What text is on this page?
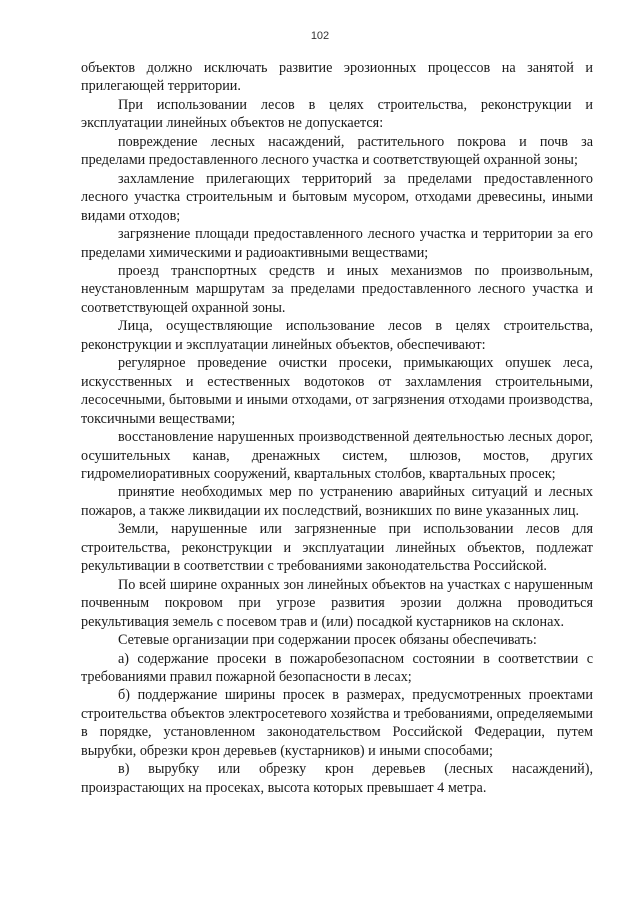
102

объектов должно исключать развитие эрозионных процессов на занятой и прилегающей территории.

При использовании лесов в целях строительства, реконструкции и эксплуатации линейных объектов не допускается:

повреждение лесных насаждений, растительного покрова и почв за пределами предоставленного лесного участка и соответствующей охранной зоны;

захламление прилегающих территорий за пределами предоставленного лесного участка строительным и бытовым мусором, отходами древесины, иными видами отходов;

загрязнение площади предоставленного лесного участка и территории за его пределами химическими и радиоактивными веществами;

проезд транспортных средств и иных механизмов по произвольным, неустановленным маршрутам за пределами предоставленного лесного участка и соответствующей охранной зоны.

Лица, осуществляющие использование лесов в целях строительства, реконструкции и эксплуатации линейных объектов, обеспечивают:

регулярное проведение очистки просеки, примыкающих опушек леса, искусственных и естественных водотоков от захламления строительными, лесосечными, бытовыми и иными отходами, от загрязнения отходами производства, токсичными веществами;

восстановление нарушенных производственной деятельностью лесных дорог, осушительных канав, дренажных систем, шлюзов, мостов, других гидромелиоративных сооружений, квартальных столбов, квартальных просек;

принятие необходимых мер по устранению аварийных ситуаций и лесных пожаров, а также ликвидации их последствий, возникших по вине указанных лиц.

Земли, нарушенные или загрязненные при использовании лесов для строительства, реконструкции и эксплуатации линейных объектов, подлежат рекультивации в соответствии с требованиями законодательства Российской.

По всей ширине охранных зон линейных объектов на участках с нарушенным почвенным покровом при угрозе развития эрозии должна проводиться рекультивация земель с посевом трав и (или) посадкой кустарников на склонах.

Сетевые организации при содержании просек обязаны обеспечивать:

а) содержание просеки в пожаробезопасном состоянии в соответствии с требованиями правил пожарной безопасности в лесах;

б) поддержание ширины просек в размерах, предусмотренных проектами строительства объектов электросетевого хозяйства и требованиями, определяемыми в порядке, установленном законодательством Российской Федерации, путем вырубки, обрезки крон деревьев (кустарников) и иными способами;

в) вырубку или обрезку крон деревьев (лесных насаждений), произрастающих на просеках, высота которых превышает 4 метра.
